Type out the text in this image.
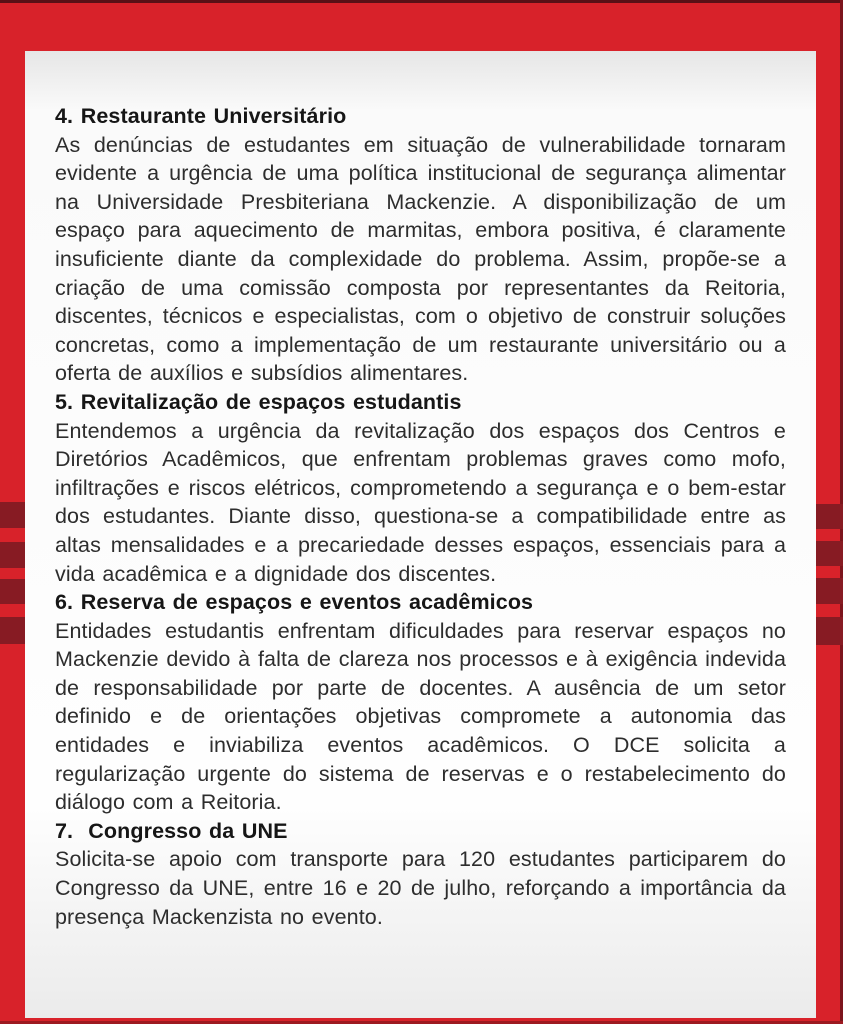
4. Restaurante Universitário

As denúncias de estudantes em situação de vulnerabilidade tornaram evidente a urgência de uma política institucional de segurança alimentar na Universidade Presbiteriana Mackenzie. A disponibilização de um espaço para aquecimento de marmitas, embora positiva, é claramente insuficiente diante da complexidade do problema. Assim, propõe-se a criação de uma comissão composta por representantes da Reitoria, discentes, técnicos e especialistas, com o objetivo de construir soluções concretas, como a implementação de um restaurante universitário ou a oferta de auxílios e subsídios alimentares.

5. Revitalização de espaços estudantis

Entendemos a urgência da revitalização dos espaços dos Centros e Diretórios Acadêmicos, que enfrentam problemas graves como mofo, infiltrações e riscos elétricos, comprometendo a segurança e o bem-estar dos estudantes. Diante disso, questiona-se a compatibilidade entre as altas mensalidades e a precariedade desses espaços, essenciais para a vida acadêmica e a dignidade dos discentes.

6. Reserva de espaços e eventos acadêmicos

Entidades estudantis enfrentam dificuldades para reservar espaços no Mackenzie devido à falta de clareza nos processos e à exigência indevida de responsabilidade por parte de docentes. A ausência de um setor definido e de orientações objetivas compromete a autonomia das entidades e inviabiliza eventos acadêmicos. O DCE solicita a regularização urgente do sistema de reservas e o restabelecimento do diálogo com a Reitoria.

7.  Congresso da UNE

Solicita-se apoio com transporte para 120 estudantes participarem do Congresso da UNE, entre 16 e 20 de julho, reforçando a importância da presença Mackenzista no evento.
